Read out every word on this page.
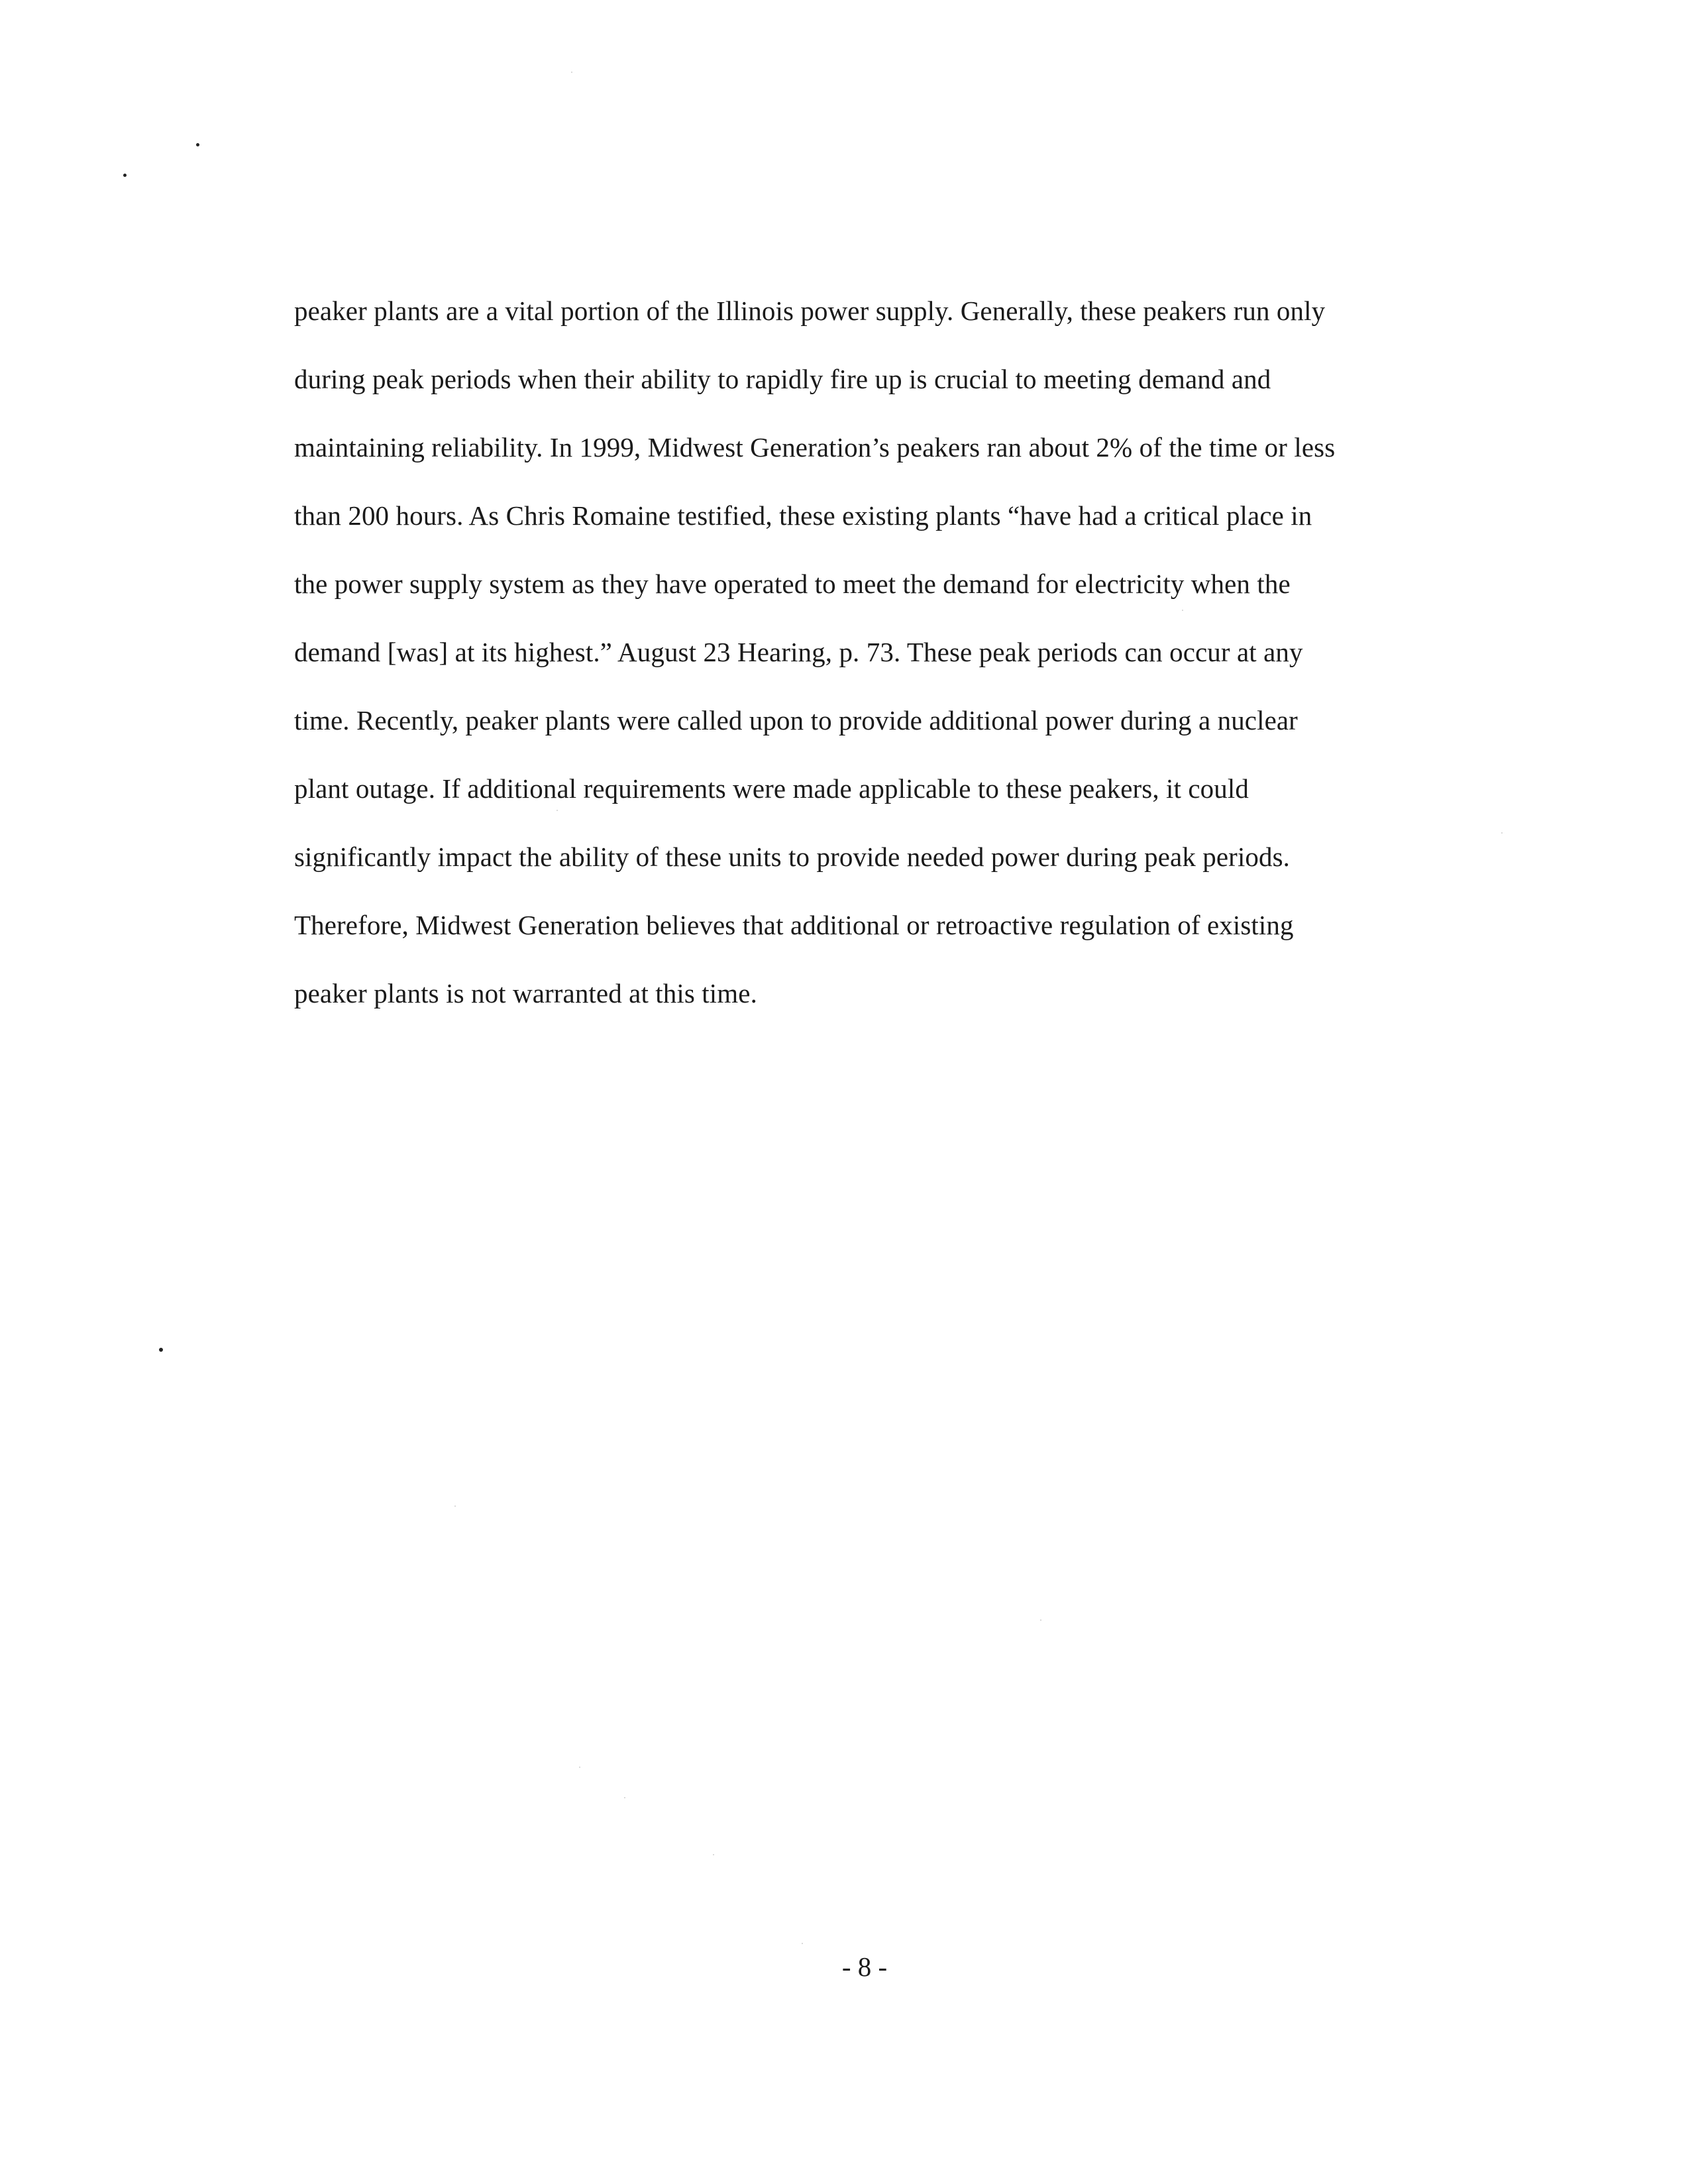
peaker plants are a vital portion of the Illinois power supply. Generally, these peakers run only
during peak periods when their ability to rapidly fire up is crucial to meeting demand and
maintaining reliability. In 1999, Midwest Generation’s peakers ran about 2% of the time or less
than 200 hours. As Chris Romaine testified, these existing plants “have had a critical place in
the power supply system as they have operated to meet the demand for electricity when the
demand [was] at its highest.” August 23 Hearing, p. 73. These peak periods can occur at any
time. Recently, peaker plants were called upon to provide additional power during a nuclear
plant outage. If additional requirements were made applicable to these peakers, it could
significantly impact the ability of these units to provide needed power during peak periods.
Therefore, Midwest Generation believes that additional or retroactive regulation of existing
peaker plants is not warranted at this time.
- 8 -
